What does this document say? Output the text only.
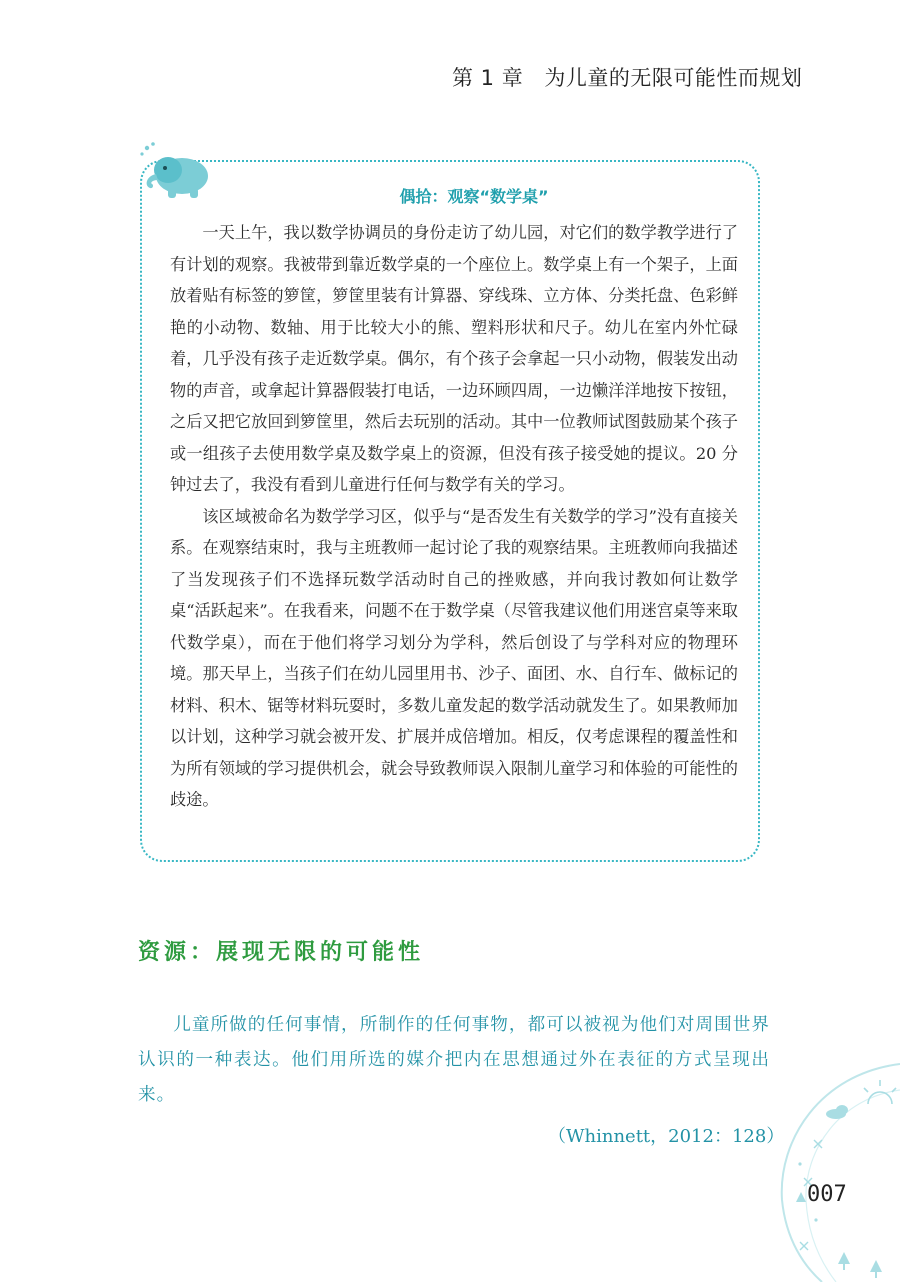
第 1 章 为儿童的无限可能性而规划
偶拾：观察“数学桌”

一天上午，我以数学协调员的身份走访了幼儿园，对它们的数学教学进行了有计划的观察。我被带到靠近数学桌的一个座位上。数学桌上有一个架子，上面放着贴有标签的箩筐，箩筐里装有计算器、穿线珠、立方体、分类托盘、色彩鲜艳的小动物、数轴、用于比较大小的熊、塑料形状和尺子。幼儿在室内外忙碌着，几乎没有孩子走近数学桌。偶尔，有个孩子会拿起一只小动物，假装发出动物的声音，或拿起计算器假装打电话，一边环顾四周，一边懒洋洋地按下按钮，之后又把它放回到箩筐里，然后去玩别的活动。其中一位教师试图鼓励某个孩子或一组孩子去使用数学桌及数学桌上的资源，但没有孩子接受她的提议。20 分钟过去了，我没有看到儿童进行任何与数学有关的学习。

该区域被命名为数学学习区，似乎与“是否发生有关数学的学习”没有直接关系。在观察结束时，我与主班教师一起讨论了我的观察结果。主班教师向我描述了当发现孩子们不选择玩数学活动时自己的挫败感，并向我讨教如何让数学桌“活跃起来”。在我看来，问题不在于数学桌（尽管我建议他们用迷宫桌等来取代数学桌），而在于他们将学习划分为学科，然后创设了与学科对应的物理环境。那天早上，当孩子们在幼儿园里用书、沙子、面团、水、自行车、做标记的材料、积木、锯等材料玩耍时，多数儿童发起的数学活动就发生了。如果教师加以计划，这种学习就会被开发、扩展并成倍增加。相反，仅考虑课程的覆盖性和为所有领域的学习提供机会，就会导致教师误入限制儿童学习和体验的可能性的歧途。

资源：展现无限的可能性

儿童所做的任何事情，所制作的任何事物，都可以被视为他们对周围世界认识的一种表达。他们用所选的媒介把内在思想通过外在表征的方式呈现出来。

（Whinnett，2012：128）
007
